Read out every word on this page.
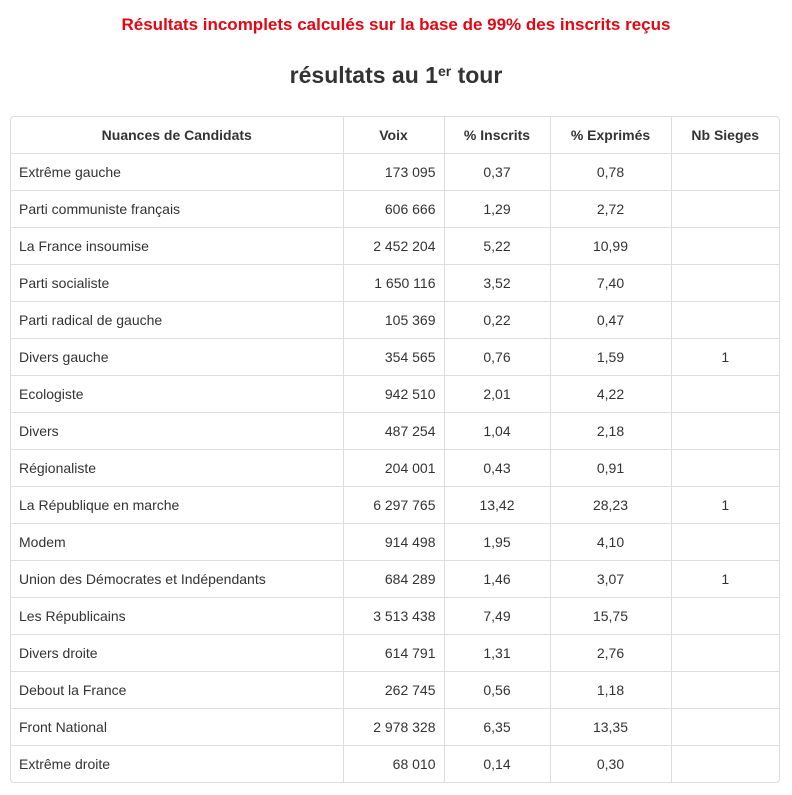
Résultats incomplets calculés sur la base de 99% des inscrits reçus
résultats au 1er tour
Nuances de Candidats	Voix	% Inscrits	% Exprimés	Nb Sieges
Extrême gauche	173 095	0,37	0,78	
Parti communiste français	606 666	1,29	2,72	
La France insoumise	2 452 204	5,22	10,99	
Parti socialiste	1 650 116	3,52	7,40	
Parti radical de gauche	105 369	0,22	0,47	
Divers gauche	354 565	0,76	1,59	1
Ecologiste	942 510	2,01	4,22	
Divers	487 254	1,04	2,18	
Régionaliste	204 001	0,43	0,91	
La République en marche	6 297 765	13,42	28,23	1
Modem	914 498	1,95	4,10	
Union des Démocrates et Indépendants	684 289	1,46	3,07	1
Les Républicains	3 513 438	7,49	15,75	
Divers droite	614 791	1,31	2,76	
Debout la France	262 745	0,56	1,18	
Front National	2 978 328	6,35	13,35	
Extrême droite	68 010	0,14	0,30	
